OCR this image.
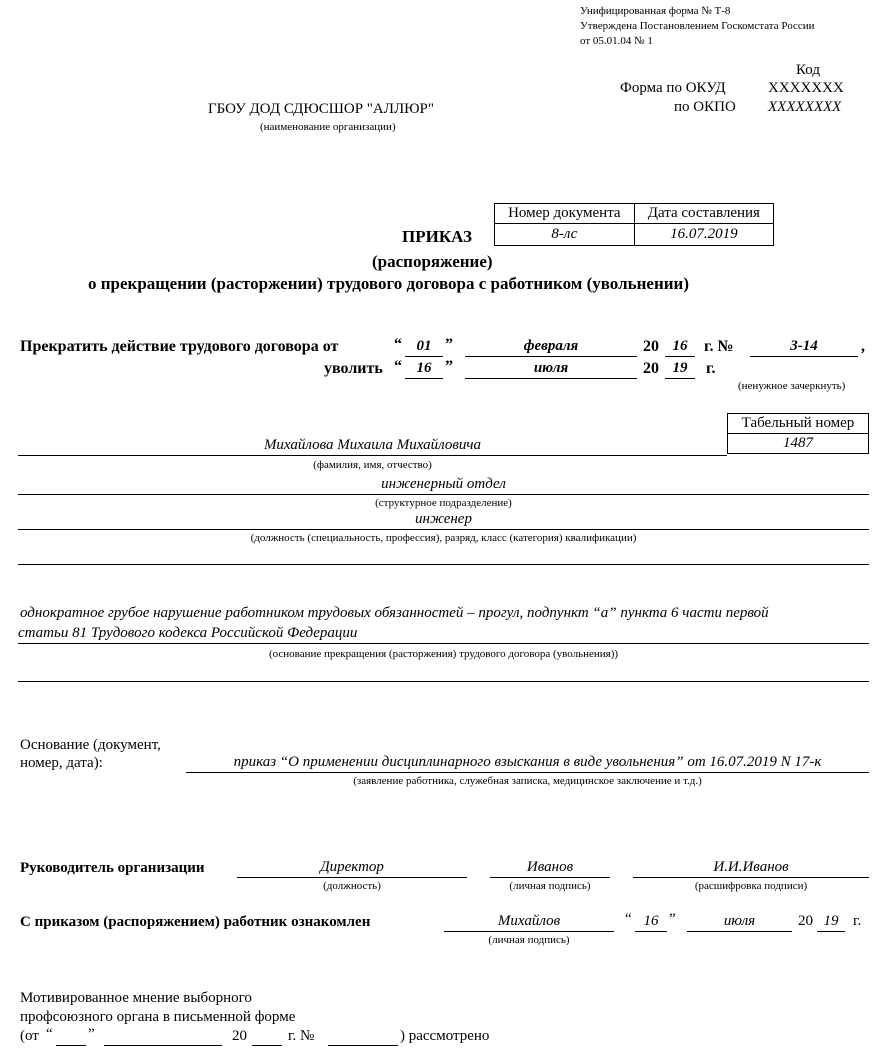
Унифицированная форма № Т-8
Утверждена Постановлением Госкомстата России
от 05.01.04 № 1
Код
Форма по ОКУД	XXXXXXX
по ОКПО XXXXXXXX
ГБОУ ДОД СДЮСШОР "АЛЛЮР"
(наименование организации)
Номер документа	Дата составления
8-лс	16.07.2019
ПРИКАЗ
(распоряжение)
о прекращении (расторжении) трудового договора с работником (увольнении)
Прекратить действие трудового договора от	“ 01 ”	февраля	20 16	г. №	3-14	,
уволить “ 16 ”	июля	20 19	г.
(ненужное зачеркнуть)
Табельный номер
1487
Михайлова Михаила Михайловича
(фамилия, имя, отчество)
инженерный отдел
(структурное подразделение)
инженер
(должность (специальность, профессия), разряд, класс (категория) квалификации)
однократное грубое нарушение работником трудовых обязанностей – прогул, подпункт “а” пункта 6 части первой
статьи 81 Трудового кодекса Российской Федерации
(основание прекращения (расторжения) трудового договора (увольнения))
Основание (документ,
номер, дата):	приказ “О применении дисциплинарного взыскания в виде увольнения” от 16.07.2019 N 17-к
(заявление работника, служебная записка, медицинское заключение и т.д.)
Руководитель организации	Директор
(должность)
Иванов
(личная подпись)
И.И.Иванов
(расшифровка подписи)
С приказом (распоряжением) работник ознакомлен	Михайлов
(личная подпись)
“ 16 ”	июля	20 19 г.
Мотивированное мнение выборного
профсоюзного органа в письменной форме
(от “ ”	20	г. №	) рассмотрено
